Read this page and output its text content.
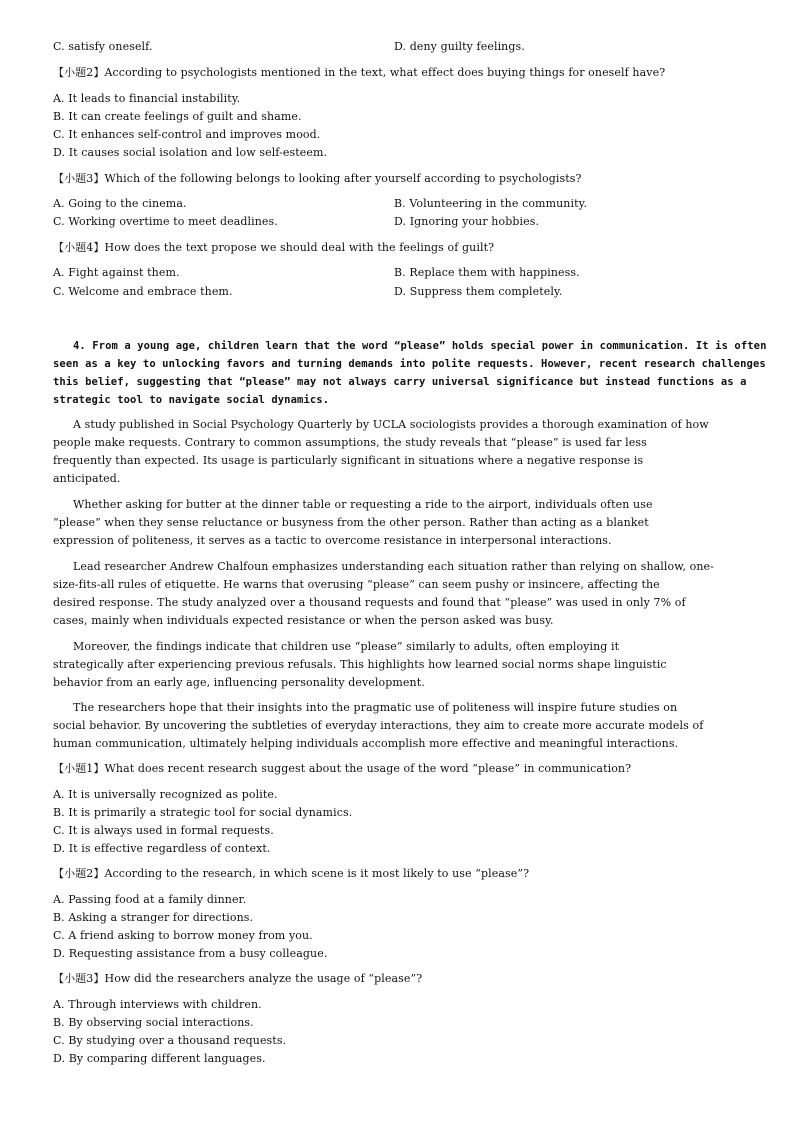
C. satisfy oneself.	D. deny guilty feelings.
【小题2】According to psychologists mentioned in the text, what effect does buying things for oneself have?
A. It leads to financial instability.
B. It can create feelings of guilt and shame.
C. It enhances self-control and improves mood.
D. It causes social isolation and low self-esteem.
【小题3】Which of the following belongs to looking after yourself according to psychologists?
A. Going to the cinema.	B. Volunteering in the community.
C. Working overtime to meet deadlines.	D. Ignoring your hobbies.
【小题4】How does the text propose we should deal with the feelings of guilt?
A. Fight against them.	B. Replace them with happiness.
C. Welcome and embrace them.	D. Suppress them completely.
4. From a young age, children learn that the word “please” holds special power in communication. It is often
seen as a key to unlocking favors and turning demands into polite requests. However, recent research challenges
this belief, suggesting that “please” may not always carry universal significance but instead functions as a
strategic tool to navigate social dynamics.
A study published in Social Psychology Quarterly by UCLA sociologists provides a thorough examination of how
people make requests. Contrary to common assumptions, the study reveals that “please” is used far less
frequently than expected. Its usage is particularly significant in situations where a negative response is
anticipated.
Whether asking for butter at the dinner table or requesting a ride to the airport, individuals often use
“please” when they sense reluctance or busyness from the other person. Rather than acting as a blanket
expression of politeness, it serves as a tactic to overcome resistance in interpersonal interactions.
Lead researcher Andrew Chalfoun emphasizes understanding each situation rather than relying on shallow, one-
size-fits-all rules of etiquette. He warns that overusing “please” can seem pushy or insincere, affecting the
desired response. The study analyzed over a thousand requests and found that “please” was used in only 7% of
cases, mainly when individuals expected resistance or when the person asked was busy.
Moreover, the findings indicate that children use “please” similarly to adults, often employing it
strategically after experiencing previous refusals. This highlights how learned social norms shape linguistic
behavior from an early age, influencing personality development.
The researchers hope that their insights into the pragmatic use of politeness will inspire future studies on
social behavior. By uncovering the subtleties of everyday interactions, they aim to create more accurate models of
human communication, ultimately helping individuals accomplish more effective and meaningful interactions.
【小题1】What does recent research suggest about the usage of the word “please” in communication?
A. It is universally recognized as polite.
B. It is primarily a strategic tool for social dynamics.
C. It is always used in formal requests.
D. It is effective regardless of context.
【小题2】According to the research, in which scene is it most likely to use “please”?
A. Passing food at a family dinner.
B. Asking a stranger for directions.
C. A friend asking to borrow money from you.
D. Requesting assistance from a busy colleague.
【小题3】How did the researchers analyze the usage of “please”?
A. Through interviews with children.
B. By observing social interactions.
C. By studying over a thousand requests.
D. By comparing different languages.
